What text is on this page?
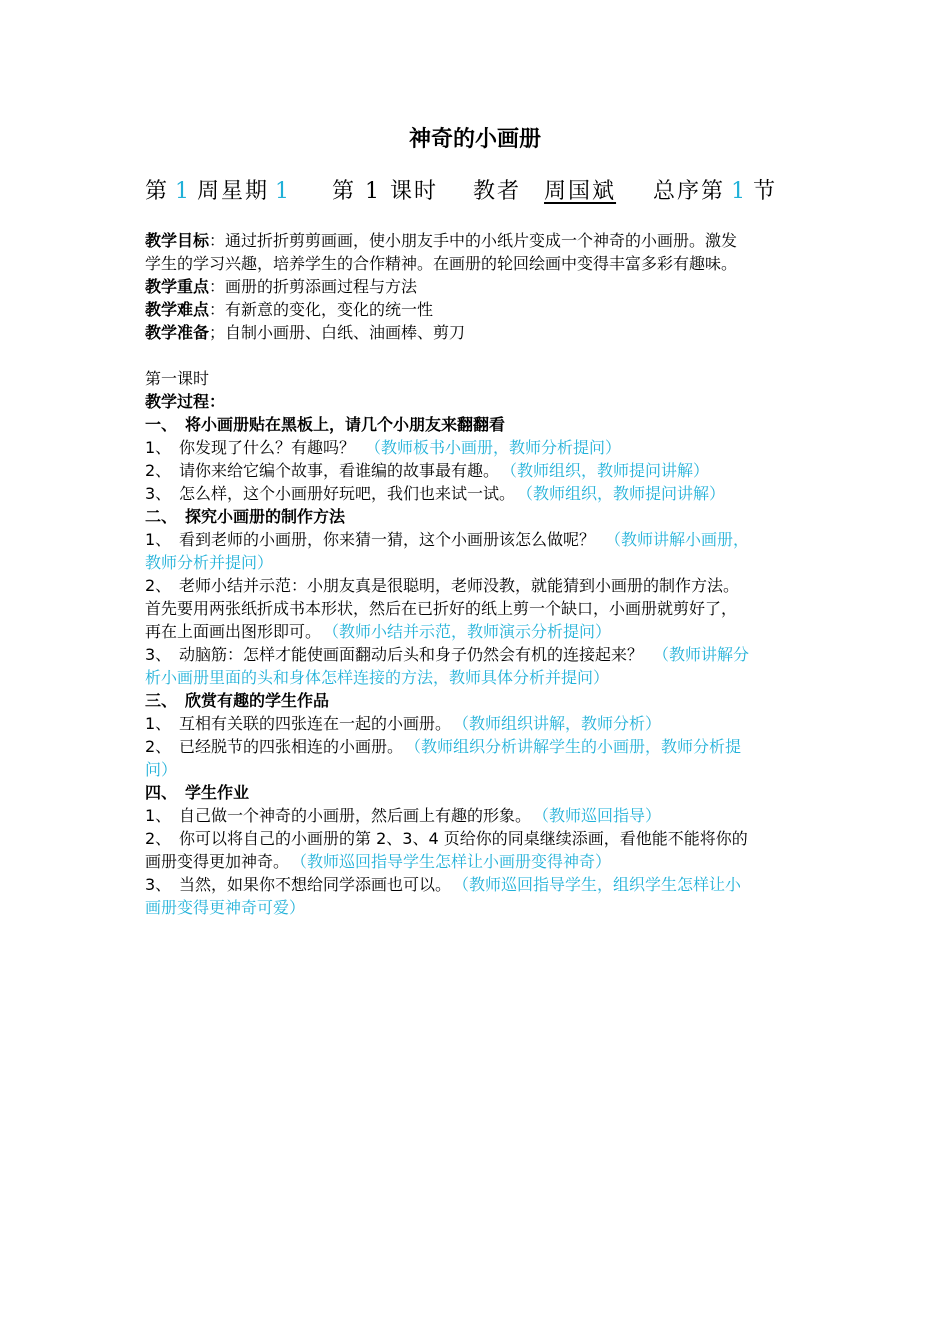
神奇的小画册
第 1 周星期 1 第 1 课时 教者 周国斌 总序第 1 节

教学目标：通过折折剪剪画画，使小朋友手中的小纸片变成一个神奇的小画册。激发

学生的学习兴趣，培养学生的合作精神。在画册的轮回绘画中变得丰富多彩有趣味。

教学重点：画册的折剪添画过程与方法

教学难点：有新意的变化，变化的统一性

教学准备；自制小画册、白纸、油画棒、剪刀

第一课时

教学过程：

一、 将小画册贴在黑板上，请几个小朋友来翻翻看

1、 你发现了什么？有趣吗？ （教师板书小画册，教师分析提问）

2、 请你来给它编个故事，看谁编的故事最有趣。 （教师组织，教师提问讲解）

3、 怎么样，这个小画册好玩吧，我们也来试一试。 （教师组织，教师提问讲解）

二、 探究小画册的制作方法

1、 看到老师的小画册，你来猜一猜，这个小画册该怎么做呢？ （教师讲解小画册，

教师分析并提问）

2、 老师小结并示范：小朋友真是很聪明，老师没教，就能猜到小画册的制作方法。

首先要用两张纸折成书本形状，然后在已折好的纸上剪一个缺口，小画册就剪好了，

再在上面画出图形即可。 （教师小结并示范，教师演示分析提问）

3、 动脑筋：怎样才能使画面翻动后头和身子仍然会有机的连接起来？ （教师讲解分

析小画册里面的头和身体怎样连接的方法，教师具体分析并提问）

三、 欣赏有趣的学生作品

1、 互相有关联的四张连在一起的小画册。 （教师组织讲解，教师分析）

2、 已经脱节的四张相连的小画册。 （教师组织分析讲解学生的小画册，教师分析提

问）

四、 学生作业

1、 自己做一个神奇的小画册，然后画上有趣的形象。 （教师巡回指导）

2、 你可以将自己的小画册的第 2、3、4 页给你的同桌继续添画，看他能不能将你的

画册变得更加神奇。 （教师巡回指导学生怎样让小画册变得神奇）

3、 当然，如果你不想给同学添画也可以。 （教师巡回指导学生，组织学生怎样让小

画册变得更神奇可爱）
